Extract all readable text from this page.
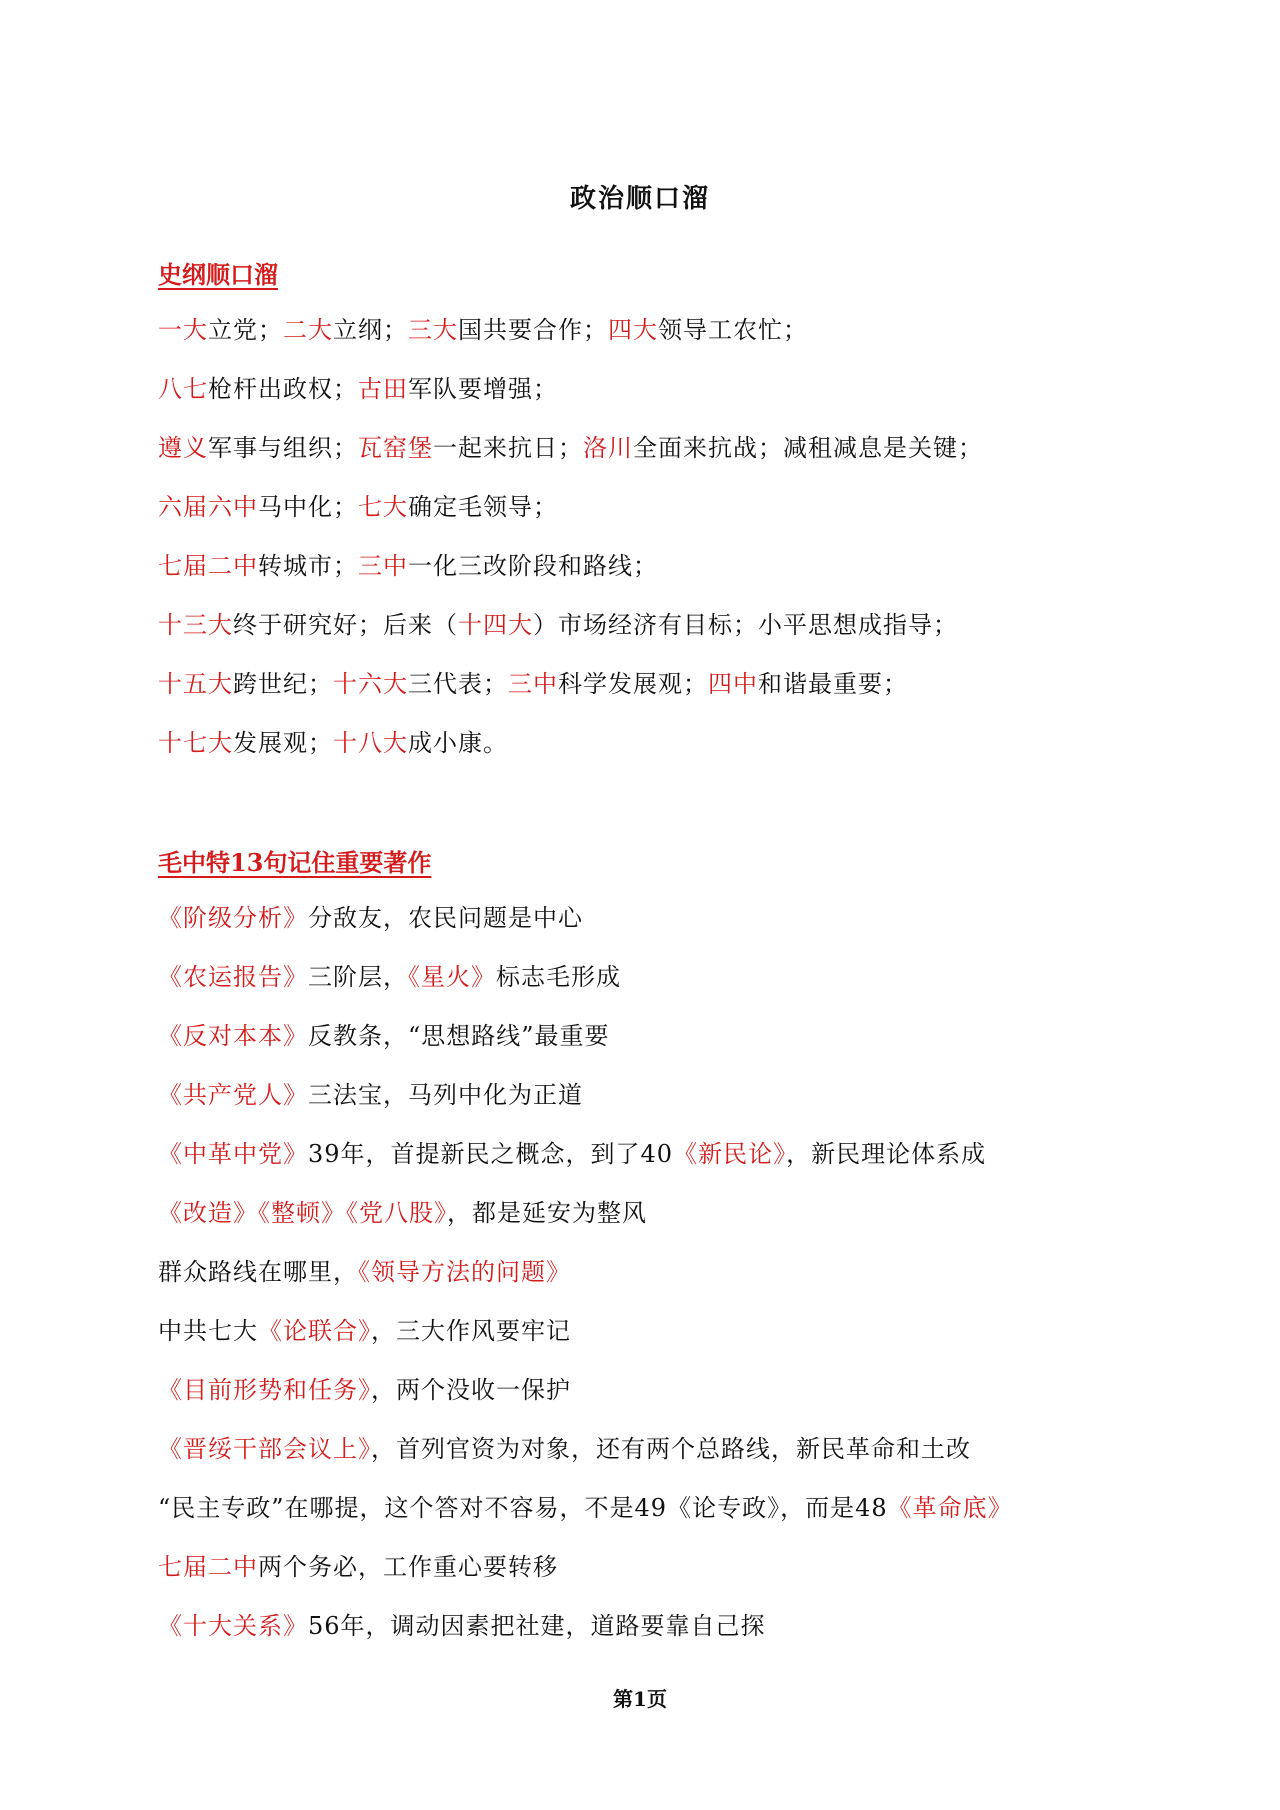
政治顺口溜
史纲顺口溜
一大立党；二大立纲；三大国共要合作；四大领导工农忙；
八七枪杆出政权；古田军队要增强；
遵义军事与组织；瓦窑堡一起来抗日；洛川全面来抗战；减租减息是关键；
六届六中马中化；七大确定毛领导；
七届二中转城市；三中一化三改阶段和路线；
十三大终于研究好；后来（十四大）市场经济有目标；小平思想成指导；
十五大跨世纪；十六大三代表；三中科学发展观；四中和谐最重要；
十七大发展观；十八大成小康。
毛中特13句记住重要著作
《阶级分析》分敌友，农民问题是中心
《农运报告》三阶层，《星火》标志毛形成
《反对本本》反教条，“思想路线”最重要
《共产党人》三法宝，马列中化为正道
《中革中党》39年，首提新民之概念，到了40《新民论》，新民理论体系成
《改造》《整顿》《党八股》，都是延安为整风
群众路线在哪里，《领导方法的问题》
中共七大《论联合》，三大作风要牢记
《目前形势和任务》，两个没收一保护
《晋绥干部会议上》，首列官资为对象，还有两个总路线，新民革命和土改
“民主专政”在哪提，这个答对不容易，不是49《论专政》，而是48《革命底》
七届二中两个务必，工作重心要转移
《十大关系》56年，调动因素把社建，道路要靠自己探
第1页
